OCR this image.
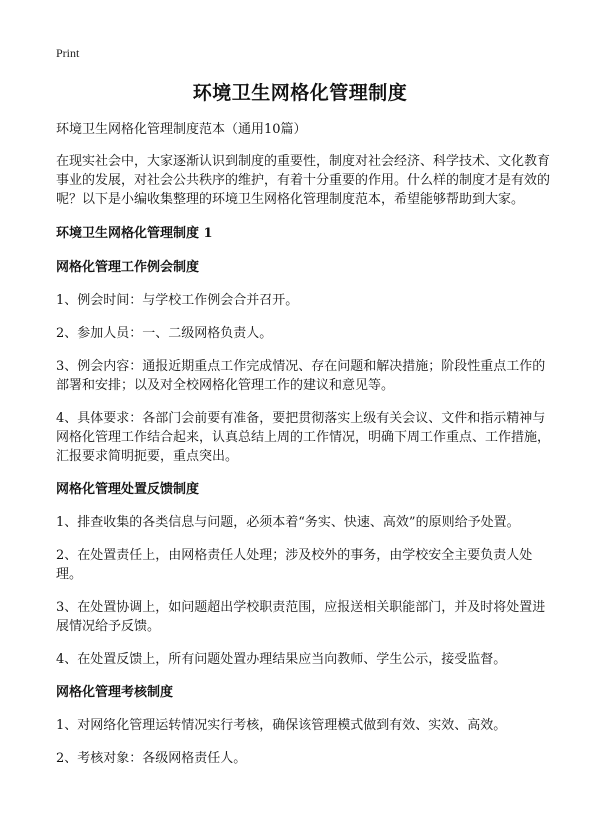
Print
环境卫生网格化管理制度

环境卫生网格化管理制度范本（通用10篇）

在现实社会中，大家逐渐认识到制度的重要性，制度对社会经济、科学技术、文化教育事业的发展，对社会公共秩序的维护，有着十分重要的作用。什么样的制度才是有效的呢？以下是小编收集整理的环境卫生网格化管理制度范本，希望能够帮助到大家。

环境卫生网格化管理制度 1

网格化管理工作例会制度

1、例会时间：与学校工作例会合并召开。

2、参加人员：一、二级网格负责人。

3、例会内容：通报近期重点工作完成情况、存在问题和解决措施；阶段性重点工作的部署和安排；以及对全校网格化管理工作的建议和意见等。

4、具体要求：各部门会前要有准备，要把贯彻落实上级有关会议、文件和指示精神与网格化管理工作结合起来，认真总结上周的工作情况，明确下周工作重点、工作措施，汇报要求简明扼要，重点突出。

网格化管理处置反馈制度

1、排查收集的各类信息与问题，必须本着“务实、快速、高效”的原则给予处置。

2、在处置责任上，由网格责任人处理；涉及校外的事务，由学校安全主要负责人处理。

3、在处置协调上，如问题超出学校职责范围，应报送相关职能部门，并及时将处置进展情况给予反馈。

4、在处置反馈上，所有问题处置办理结果应当向教师、学生公示，接受监督。

网格化管理考核制度

1、对网络化管理运转情况实行考核，确保该管理模式做到有效、实效、高效。

2、考核对象：各级网格责任人。
